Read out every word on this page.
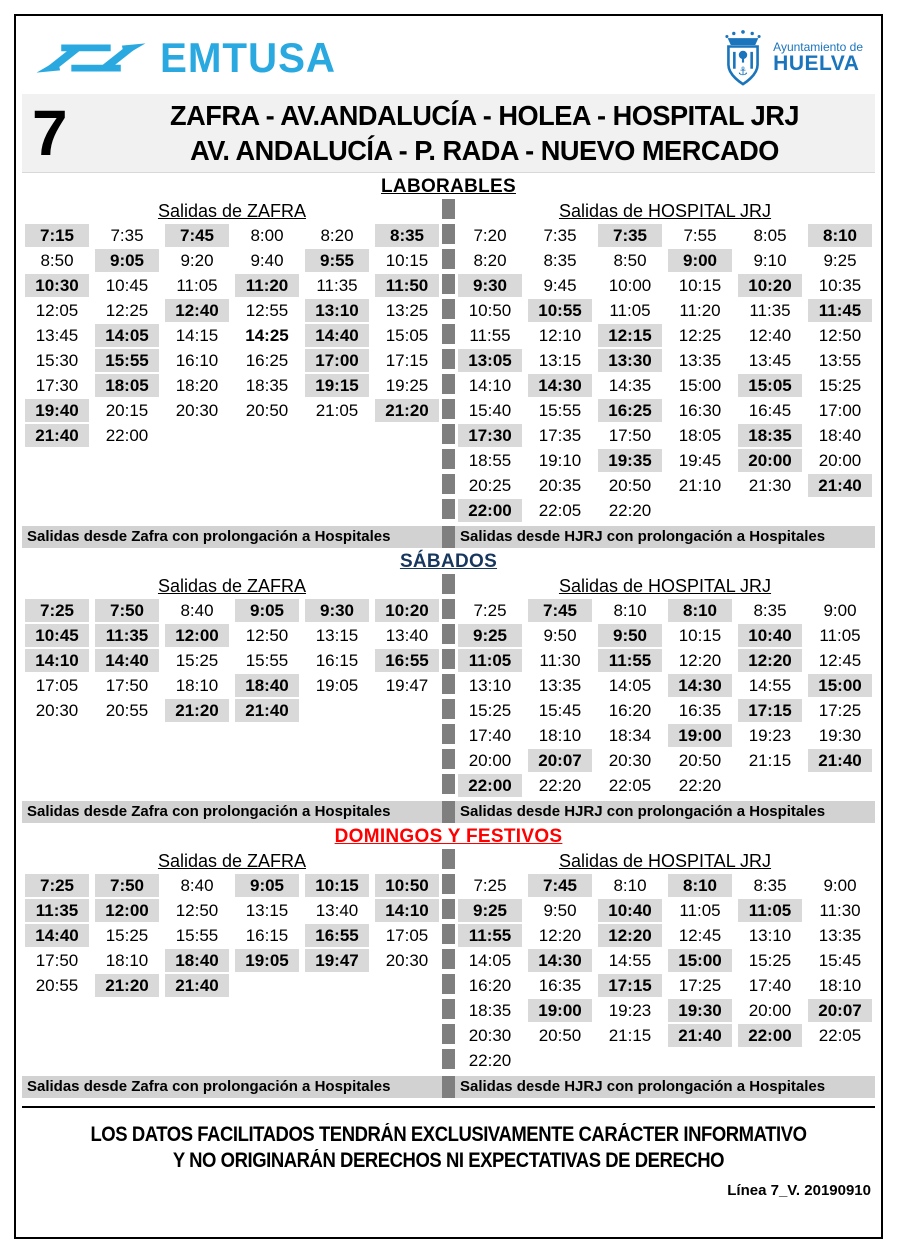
EMTUSA	⚓
Ayuntamiento de
HUELVA
7	ZAFRA - AV.ANDALUCÍA - HOLEA - HOSPITAL JRJ
AV. ANDALUCÍA - P. RADA - NUEVO MERCADO
LABORABLES
Salidas de ZAFRA
7:15	7:35	7:45	8:00	8:20	8:35
8:50	9:05	9:20	9:40	9:55	10:15
10:30	10:45	11:05	11:20	11:35	11:50
12:05	12:25	12:40	12:55	13:10	13:25
13:45	14:05	14:15	14:25	14:40	15:05
15:30	15:55	16:10	16:25	17:00	17:15
17:30	18:05	18:20	18:35	19:15	19:25
19:40	20:15	20:30	20:50	21:05	21:20
21:40	22:00
Salidas de HOSPITAL JRJ
7:20	7:35	7:35	7:55	8:05	8:10
8:20	8:35	8:50	9:00	9:10	9:25
9:30	9:45	10:00	10:15	10:20	10:35
10:50	10:55	11:05	11:20	11:35	11:45
11:55	12:10	12:15	12:25	12:40	12:50
13:05	13:15	13:30	13:35	13:45	13:55
14:10	14:30	14:35	15:00	15:05	15:25
15:40	15:55	16:25	16:30	16:45	17:00
17:30	17:35	17:50	18:05	18:35	18:40
18:55	19:10	19:35	19:45	20:00	20:00
20:25	20:35	20:50	21:10	21:30	21:40
22:00	22:05	22:20
Salidas desde Zafra con prolongación a Hospitales	Salidas desde HJRJ con prolongación a Hospitales
SÁBADOS
Salidas de ZAFRA
7:25	7:50	8:40	9:05	9:30	10:20
10:45	11:35	12:00	12:50	13:15	13:40
14:10	14:40	15:25	15:55	16:15	16:55
17:05	17:50	18:10	18:40	19:05	19:47
20:30	20:55	21:20	21:40
Salidas de HOSPITAL JRJ
7:25	7:45	8:10	8:10	8:35	9:00
9:25	9:50	9:50	10:15	10:40	11:05
11:05	11:30	11:55	12:20	12:20	12:45
13:10	13:35	14:05	14:30	14:55	15:00
15:25	15:45	16:20	16:35	17:15	17:25
17:40	18:10	18:34	19:00	19:23	19:30
20:00	20:07	20:30	20:50	21:15	21:40
22:00	22:20	22:05	22:20
Salidas desde Zafra con prolongación a Hospitales	Salidas desde HJRJ con prolongación a Hospitales
DOMINGOS Y FESTIVOS
Salidas de ZAFRA
7:25	7:50	8:40	9:05	10:15	10:50
11:35	12:00	12:50	13:15	13:40	14:10
14:40	15:25	15:55	16:15	16:55	17:05
17:50	18:10	18:40	19:05	19:47	20:30
20:55	21:20	21:40
Salidas de HOSPITAL JRJ
7:25	7:45	8:10	8:10	8:35	9:00
9:25	9:50	10:40	11:05	11:05	11:30
11:55	12:20	12:20	12:45	13:10	13:35
14:05	14:30	14:55	15:00	15:25	15:45
16:20	16:35	17:15	17:25	17:40	18:10
18:35	19:00	19:23	19:30	20:00	20:07
20:30	20:50	21:15	21:40	22:00	22:05
22:20
Salidas desde Zafra con prolongación a Hospitales	Salidas desde HJRJ con prolongación a Hospitales
LOS DATOS FACILITADOS TENDRÁN EXCLUSIVAMENTE CARÁCTER INFORMATIVO
Y NO ORIGINARÁN DERECHOS NI EXPECTATIVAS DE DERECHO
Línea 7_V. 20190910
